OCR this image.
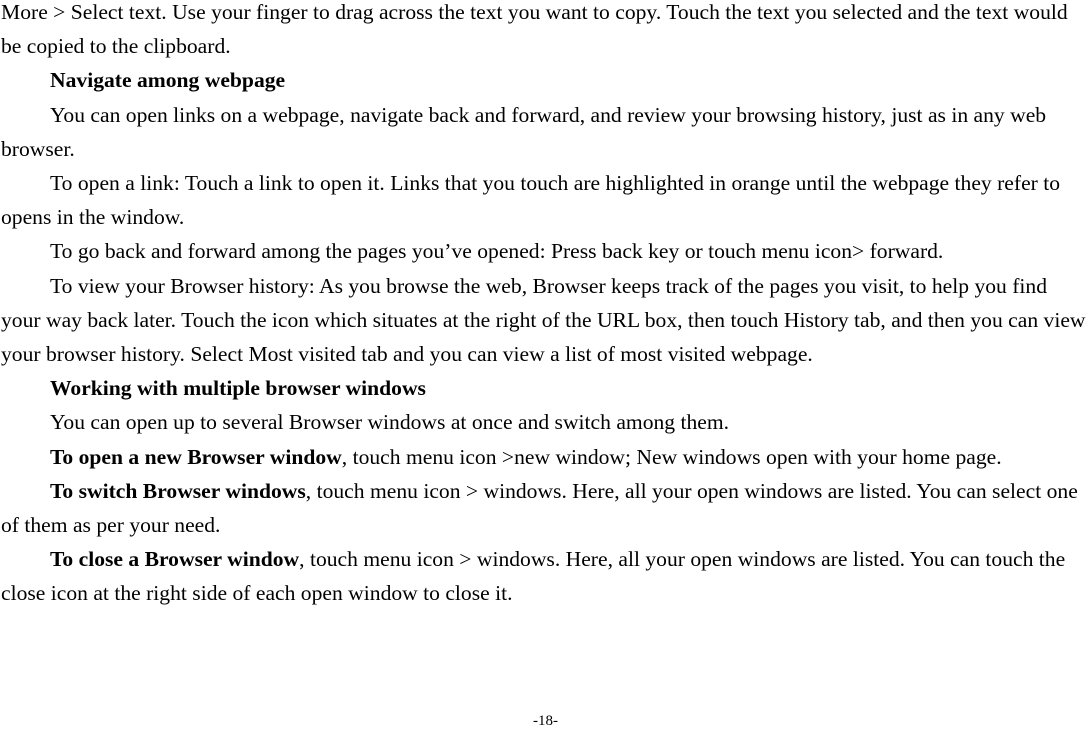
More > Select text. Use your finger to drag across the text you want to copy. Touch the text you selected and the text would be copied to the clipboard.

Navigate among webpage

You can open links on a webpage, navigate back and forward, and review your browsing history, just as in any web browser.

To open a link: Touch a link to open it. Links that you touch are highlighted in orange until the webpage they refer to opens in the window.

To go back and forward among the pages you’ve opened: Press back key or touch menu icon> forward.

To view your Browser history: As you browse the web, Browser keeps track of the pages you visit, to help you find your way back later. Touch the icon which situates at the right of the URL box, then touch History tab, and then you can view your browser history. Select Most visited tab and you can view a list of most visited webpage.

Working with multiple browser windows

You can open up to several Browser windows at once and switch among them.

To open a new Browser window, touch menu icon >new window; New windows open with your home page.

To switch Browser windows, touch menu icon > windows. Here, all your open windows are listed. You can select one of them as per your need.

To close a Browser window, touch menu icon > windows. Here, all your open windows are listed. You can touch the close icon at the right side of each open window to close it.

-18-
